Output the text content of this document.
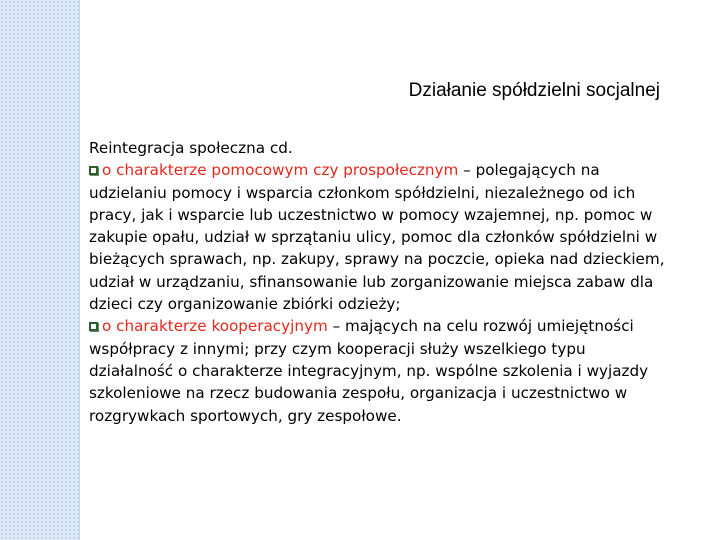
Działanie spółdzielni socjalnej

Reintegracja społeczna cd.

o charakterze pomocowym czy prospołecznym – polegających na udzielaniu pomocy i wsparcia członkom spółdzielni, niezależnego od ich pracy, jak i wsparcie lub uczestnictwo w pomocy wzajemnej, np. pomoc w zakupie opału, udział w sprzątaniu ulicy, pomoc dla członków spółdzielni w bieżących sprawach, np. zakupy, sprawy na poczcie, opieka nad dzieckiem, udział w urządzaniu, sfinansowanie lub zorganizowanie miejsca zabaw dla dzieci czy organizowanie zbiórki odzieży;

o charakterze kooperacyjnym – mających na celu rozwój umiejętności współpracy z innymi; przy czym kooperacji służy wszelkiego typu działalność o charakterze integracyjnym, np. wspólne szkolenia i wyjazdy szkoleniowe na rzecz budowania zespołu, organizacja i uczestnictwo w rozgrywkach sportowych, gry zespołowe.
